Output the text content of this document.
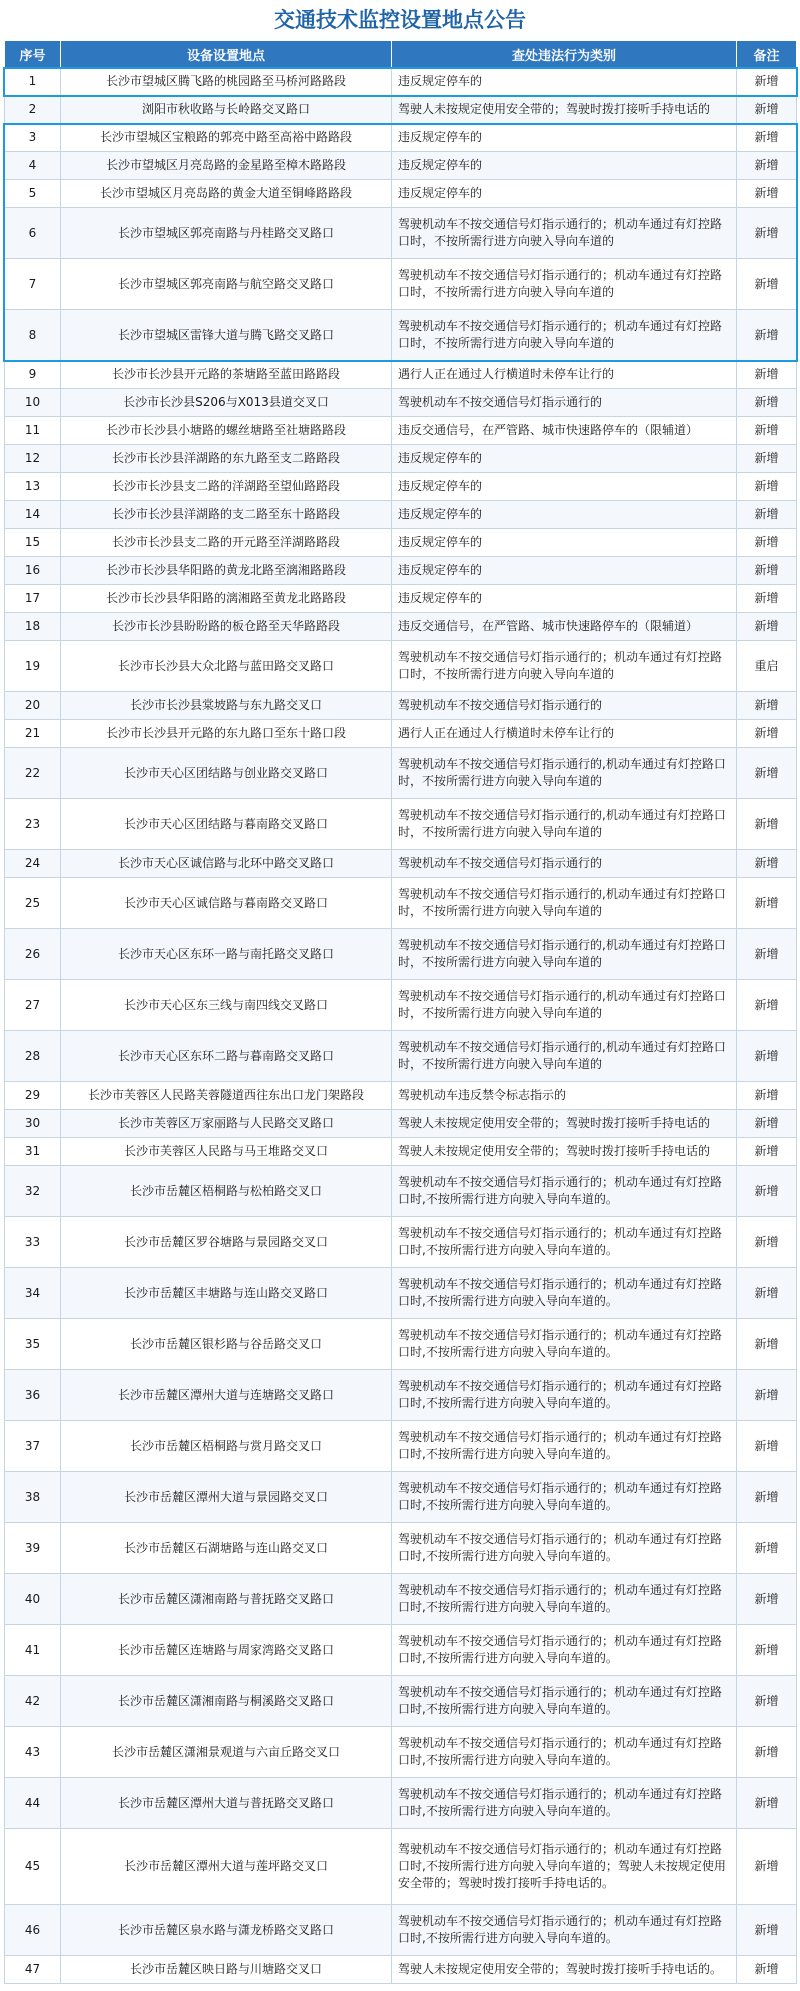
交通技术监控设置地点公告
序号	设备设置地点	查处违法行为类别	备注
1	长沙市望城区腾飞路的桃园路至马桥河路路段	违反规定停车的	新增
2	浏阳市秋收路与长岭路交叉路口	驾驶人未按规定使用安全带的；驾驶时拨打接听手持电话的	新增
3	长沙市望城区宝粮路的郭亮中路至高裕中路路段	违反规定停车的	新增
4	长沙市望城区月亮岛路的金星路至樟木路路段	违反规定停车的	新增
5	长沙市望城区月亮岛路的黄金大道至铜峰路路段	违反规定停车的	新增
6	长沙市望城区郭亮南路与丹桂路交叉路口	驾驶机动车不按交通信号灯指示通行的；机动车通过有灯控路口时，不按所需行进方向驶入导向车道的	新增
7	长沙市望城区郭亮南路与航空路交叉路口	驾驶机动车不按交通信号灯指示通行的；机动车通过有灯控路口时，不按所需行进方向驶入导向车道的	新增
8	长沙市望城区雷锋大道与腾飞路交叉路口	驾驶机动车不按交通信号灯指示通行的；机动车通过有灯控路口时，不按所需行进方向驶入导向车道的	新增
9	长沙市长沙县开元路的茶塘路至蓝田路路段	遇行人正在通过人行横道时未停车让行的	新增
10	长沙市长沙县S206与X013县道交叉口	驾驶机动车不按交通信号灯指示通行的	新增
11	长沙市长沙县小塘路的螺丝塘路至社塘路路段	违反交通信号，在严管路、城市快速路停车的（限辅道）	新增
12	长沙市长沙县洋湖路的东九路至支二路路段	违反规定停车的	新增
13	长沙市长沙县支二路的洋湖路至望仙路路段	违反规定停车的	新增
14	长沙市长沙县洋湖路的支二路至东十路路段	违反规定停车的	新增
15	长沙市长沙县支二路的开元路至洋湖路路段	违反规定停车的	新增
16	长沙市长沙县华阳路的黄龙北路至漓湘路路段	违反规定停车的	新增
17	长沙市长沙县华阳路的漓湘路至黄龙北路路段	违反规定停车的	新增
18	长沙市长沙县盼盼路的板仓路至天华路路段	违反交通信号，在严管路、城市快速路停车的（限辅道）	新增
19	长沙市长沙县大众北路与蓝田路交叉路口	驾驶机动车不按交通信号灯指示通行的；机动车通过有灯控路口时，不按所需行进方向驶入导向车道的	重启
20	长沙市长沙县棠坡路与东九路交叉口	驾驶机动车不按交通信号灯指示通行的	新增
21	长沙市长沙县开元路的东九路口至东十路口段	遇行人正在通过人行横道时未停车让行的	新增
22	长沙市天心区团结路与创业路交叉路口	驾驶机动车不按交通信号灯指示通行的,机动车通过有灯控路口时，不按所需行进方向驶入导向车道的	新增
23	长沙市天心区团结路与暮南路交叉路口	驾驶机动车不按交通信号灯指示通行的,机动车通过有灯控路口时，不按所需行进方向驶入导向车道的	新增
24	长沙市天心区诚信路与北环中路交叉路口	驾驶机动车不按交通信号灯指示通行的	新增
25	长沙市天心区诚信路与暮南路交叉路口	驾驶机动车不按交通信号灯指示通行的,机动车通过有灯控路口时，不按所需行进方向驶入导向车道的	新增
26	长沙市天心区东环一路与南托路交叉路口	驾驶机动车不按交通信号灯指示通行的,机动车通过有灯控路口时，不按所需行进方向驶入导向车道的	新增
27	长沙市天心区东三线与南四线交叉路口	驾驶机动车不按交通信号灯指示通行的,机动车通过有灯控路口时，不按所需行进方向驶入导向车道的	新增
28	长沙市天心区东环二路与暮南路交叉路口	驾驶机动车不按交通信号灯指示通行的,机动车通过有灯控路口时，不按所需行进方向驶入导向车道的	新增
29	长沙市芙蓉区人民路芙蓉隧道西往东出口龙门架路段	驾驶机动车违反禁令标志指示的	新增
30	长沙市芙蓉区万家丽路与人民路交叉路口	驾驶人未按规定使用安全带的；驾驶时拨打接听手持电话的	新增
31	长沙市芙蓉区人民路与马王堆路交叉口	驾驶人未按规定使用安全带的；驾驶时拨打接听手持电话的	新增
32	长沙市岳麓区梧桐路与松柏路交叉口	驾驶机动车不按交通信号灯指示通行的；机动车通过有灯控路口时,不按所需行进方向驶入导向车道的。	新增
33	长沙市岳麓区罗谷塘路与景园路交叉口	驾驶机动车不按交通信号灯指示通行的；机动车通过有灯控路口时,不按所需行进方向驶入导向车道的。	新增
34	长沙市岳麓区丰塘路与连山路交叉路口	驾驶机动车不按交通信号灯指示通行的；机动车通过有灯控路口时,不按所需行进方向驶入导向车道的。	新增
35	长沙市岳麓区银杉路与谷岳路交叉口	驾驶机动车不按交通信号灯指示通行的；机动车通过有灯控路口时,不按所需行进方向驶入导向车道的。	新增
36	长沙市岳麓区潭州大道与连塘路交叉路口	驾驶机动车不按交通信号灯指示通行的；机动车通过有灯控路口时,不按所需行进方向驶入导向车道的。	新增
37	长沙市岳麓区梧桐路与赏月路交叉口	驾驶机动车不按交通信号灯指示通行的；机动车通过有灯控路口时,不按所需行进方向驶入导向车道的。	新增
38	长沙市岳麓区潭州大道与景园路交叉口	驾驶机动车不按交通信号灯指示通行的；机动车通过有灯控路口时,不按所需行进方向驶入导向车道的。	新增
39	长沙市岳麓区石湖塘路与连山路交叉口	驾驶机动车不按交通信号灯指示通行的；机动车通过有灯控路口时,不按所需行进方向驶入导向车道的。	新增
40	长沙市岳麓区潇湘南路与普抚路交叉路口	驾驶机动车不按交通信号灯指示通行的；机动车通过有灯控路口时,不按所需行进方向驶入导向车道的。	新增
41	长沙市岳麓区连塘路与周家湾路交叉路口	驾驶机动车不按交通信号灯指示通行的；机动车通过有灯控路口时,不按所需行进方向驶入导向车道的。	新增
42	长沙市岳麓区潇湘南路与桐溪路交叉路口	驾驶机动车不按交通信号灯指示通行的；机动车通过有灯控路口时,不按所需行进方向驶入导向车道的。	新增
43	长沙市岳麓区潇湘景观道与六亩丘路交叉口	驾驶机动车不按交通信号灯指示通行的；机动车通过有灯控路口时,不按所需行进方向驶入导向车道的。	新增
44	长沙市岳麓区潭州大道与普抚路交叉路口	驾驶机动车不按交通信号灯指示通行的；机动车通过有灯控路口时,不按所需行进方向驶入导向车道的。	新增
45	长沙市岳麓区潭州大道与莲坪路交叉口	驾驶机动车不按交通信号灯指示通行的；机动车通过有灯控路口时,不按所需行进方向驶入导向车道的；驾驶人未按规定使用安全带的；驾驶时拨打接听手持电话的。	新增
46	长沙市岳麓区泉水路与潇龙桥路交叉路口	驾驶机动车不按交通信号灯指示通行的；机动车通过有灯控路口时,不按所需行进方向驶入导向车道的。	新增
47	长沙市岳麓区映日路与川塘路交叉口	驾驶人未按规定使用安全带的；驾驶时拨打接听手持电话的。	新增
